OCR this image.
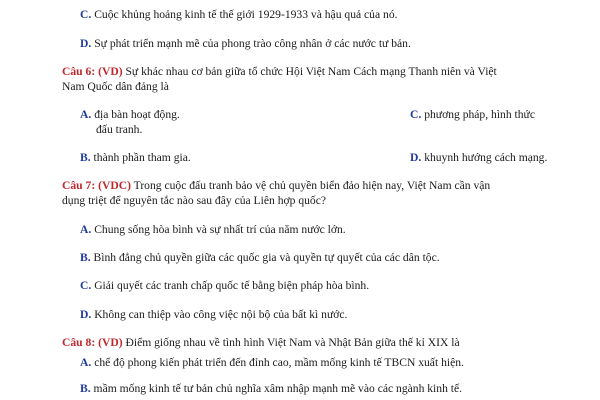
C. Cuộc khủng hoảng kinh tế thế giới 1929-1933 và hậu quả của nó.
D. Sự phát triển mạnh mẽ của phong trào công nhân ở các nước tư bản.
Câu 6: (VD) Sự khác nhau cơ bản giữa tổ chức Hội Việt Nam Cách mạng Thanh niên và Việt
Nam Quốc dân đảng là
A. địa bàn hoạt động.	C. phương pháp, hình thức
đấu tranh.
B. thành phần tham gia.	D. khuynh hướng cách mạng.
Câu 7: (VDC) Trong cuộc đấu tranh bảo vệ chủ quyền biển đảo hiện nay, Việt Nam cần vận
dụng triệt để nguyên tắc nào sau đây của Liên hợp quốc?
A. Chung sống hòa bình và sự nhất trí của năm nước lớn.
B. Bình đẳng chủ quyền giữa các quốc gia và quyền tự quyết của các dân tộc.
C. Giải quyết các tranh chấp quốc tế bằng biện pháp hòa bình.
D. Không can thiệp vào công việc nội bộ của bất kì nước.
Câu 8: (VD) Điểm giống nhau về tình hình Việt Nam và Nhật Bản giữa thế kỉ XIX là
A. chế độ phong kiến phát triển đến đỉnh cao, mầm mống kinh tế TBCN xuất hiện.
B. mầm mống kinh tế tư bản chủ nghĩa xâm nhập mạnh mẽ vào các ngành kinh tế.
